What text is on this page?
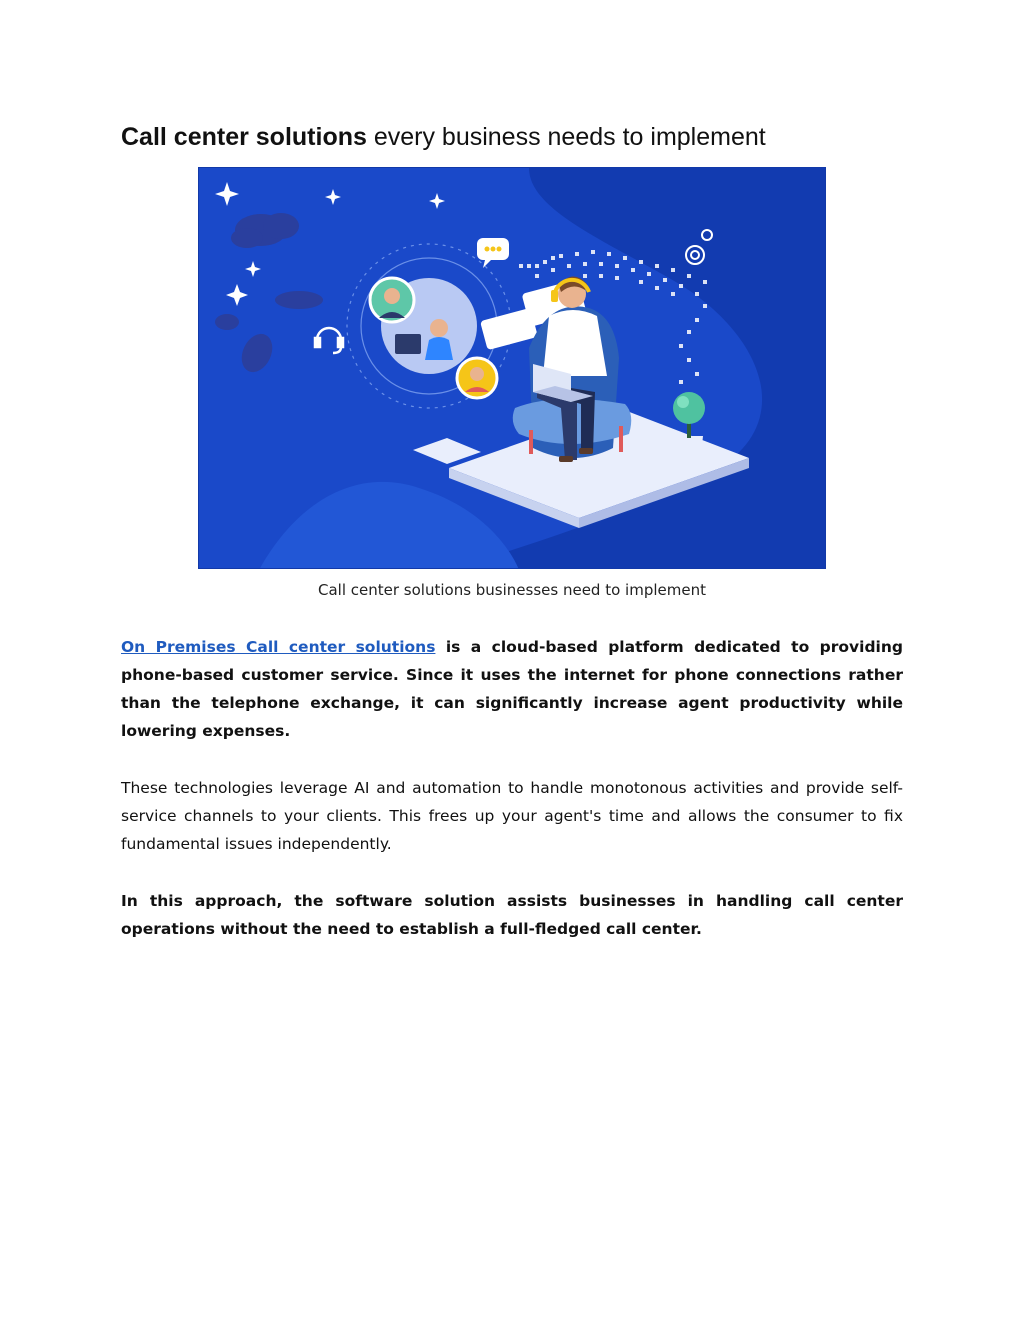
Call center solutions every business needs to implement
Call center solutions businesses need to implement

On Premises Call center solutions is a cloud-based platform dedicated to providing phone-based customer service. Since it uses the internet for phone connections rather than the telephone exchange, it can significantly increase agent productivity while lowering expenses.

These technologies leverage AI and automation to handle monotonous activities and provide self-service channels to your clients. This frees up your agent's time and allows the consumer to fix fundamental issues independently.

In this approach, the software solution assists businesses in handling call center operations without the need to establish a full-fledged call center.
